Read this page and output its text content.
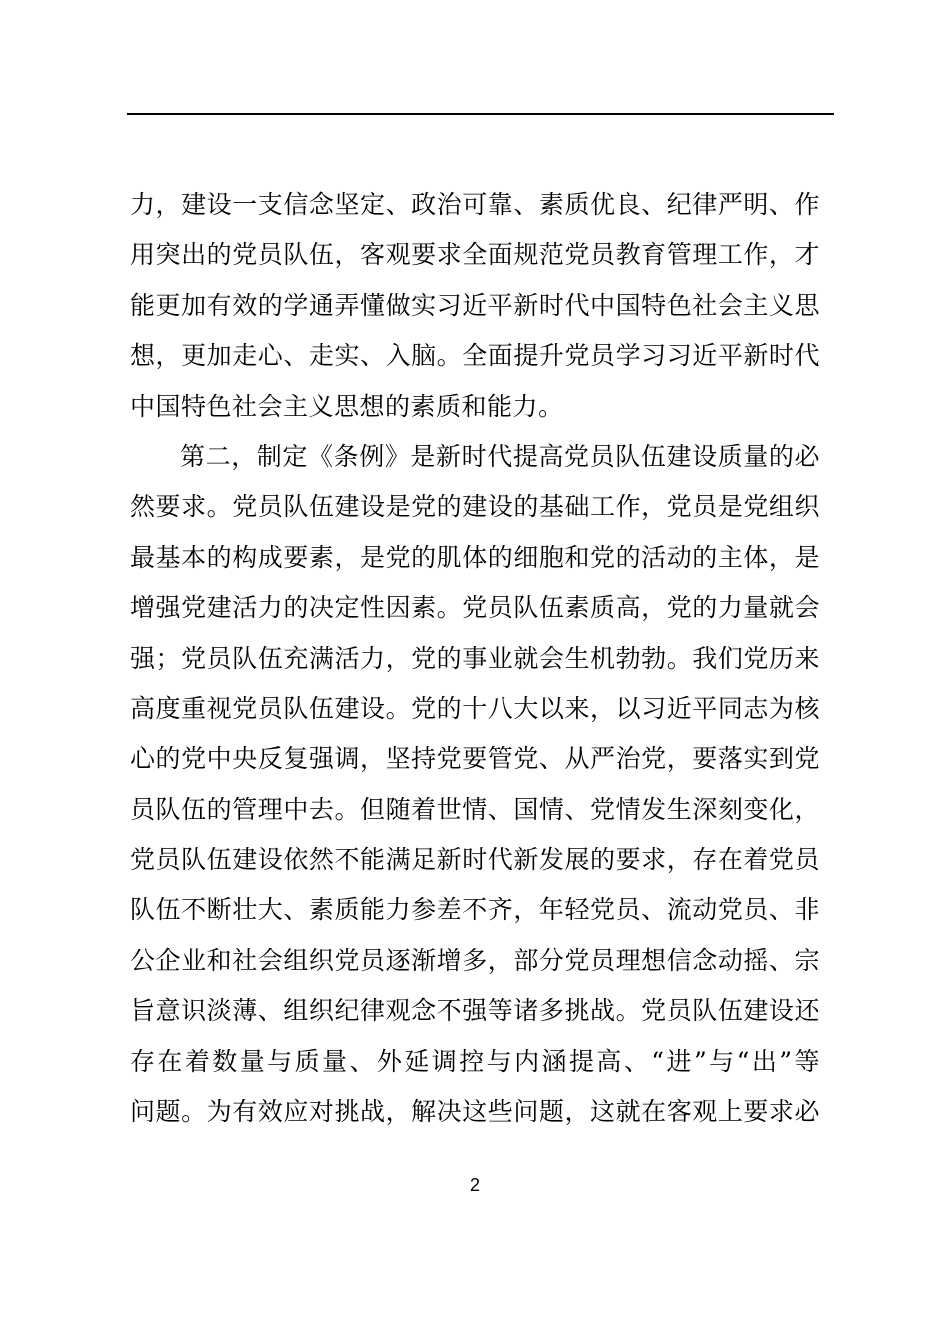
力，建设一支信念坚定、政治可靠、素质优良、纪律严明、作
用突出的党员队伍，客观要求全面规范党员教育管理工作，才
能更加有效的学通弄懂做实习近平新时代中国特色社会主义思
想，更加走心、走实、入脑。全面提升党员学习习近平新时代
中国特色社会主义思想的素质和能力。
第二，制定《条例》是新时代提高党员队伍建设质量的必
然要求。党员队伍建设是党的建设的基础工作，党员是党组织
最基本的构成要素，是党的肌体的细胞和党的活动的主体，是
增强党建活力的决定性因素。党员队伍素质高，党的力量就会
强；党员队伍充满活力，党的事业就会生机勃勃。我们党历来
高度重视党员队伍建设。党的十八大以来，以习近平同志为核
心的党中央反复强调，坚持党要管党、从严治党，要落实到党
员队伍的管理中去。但随着世情、国情、党情发生深刻变化，
党员队伍建设依然不能满足新时代新发展的要求，存在着党员
队伍不断壮大、素质能力参差不齐，年轻党员、流动党员、非
公企业和社会组织党员逐渐增多，部分党员理想信念动摇、宗
旨意识淡薄、组织纪律观念不强等诸多挑战。党员队伍建设还
存在着数量与质量、外延调控与内涵提高、“进”与“出”等
问题。为有效应对挑战，解决这些问题，这就在客观上要求必
2
